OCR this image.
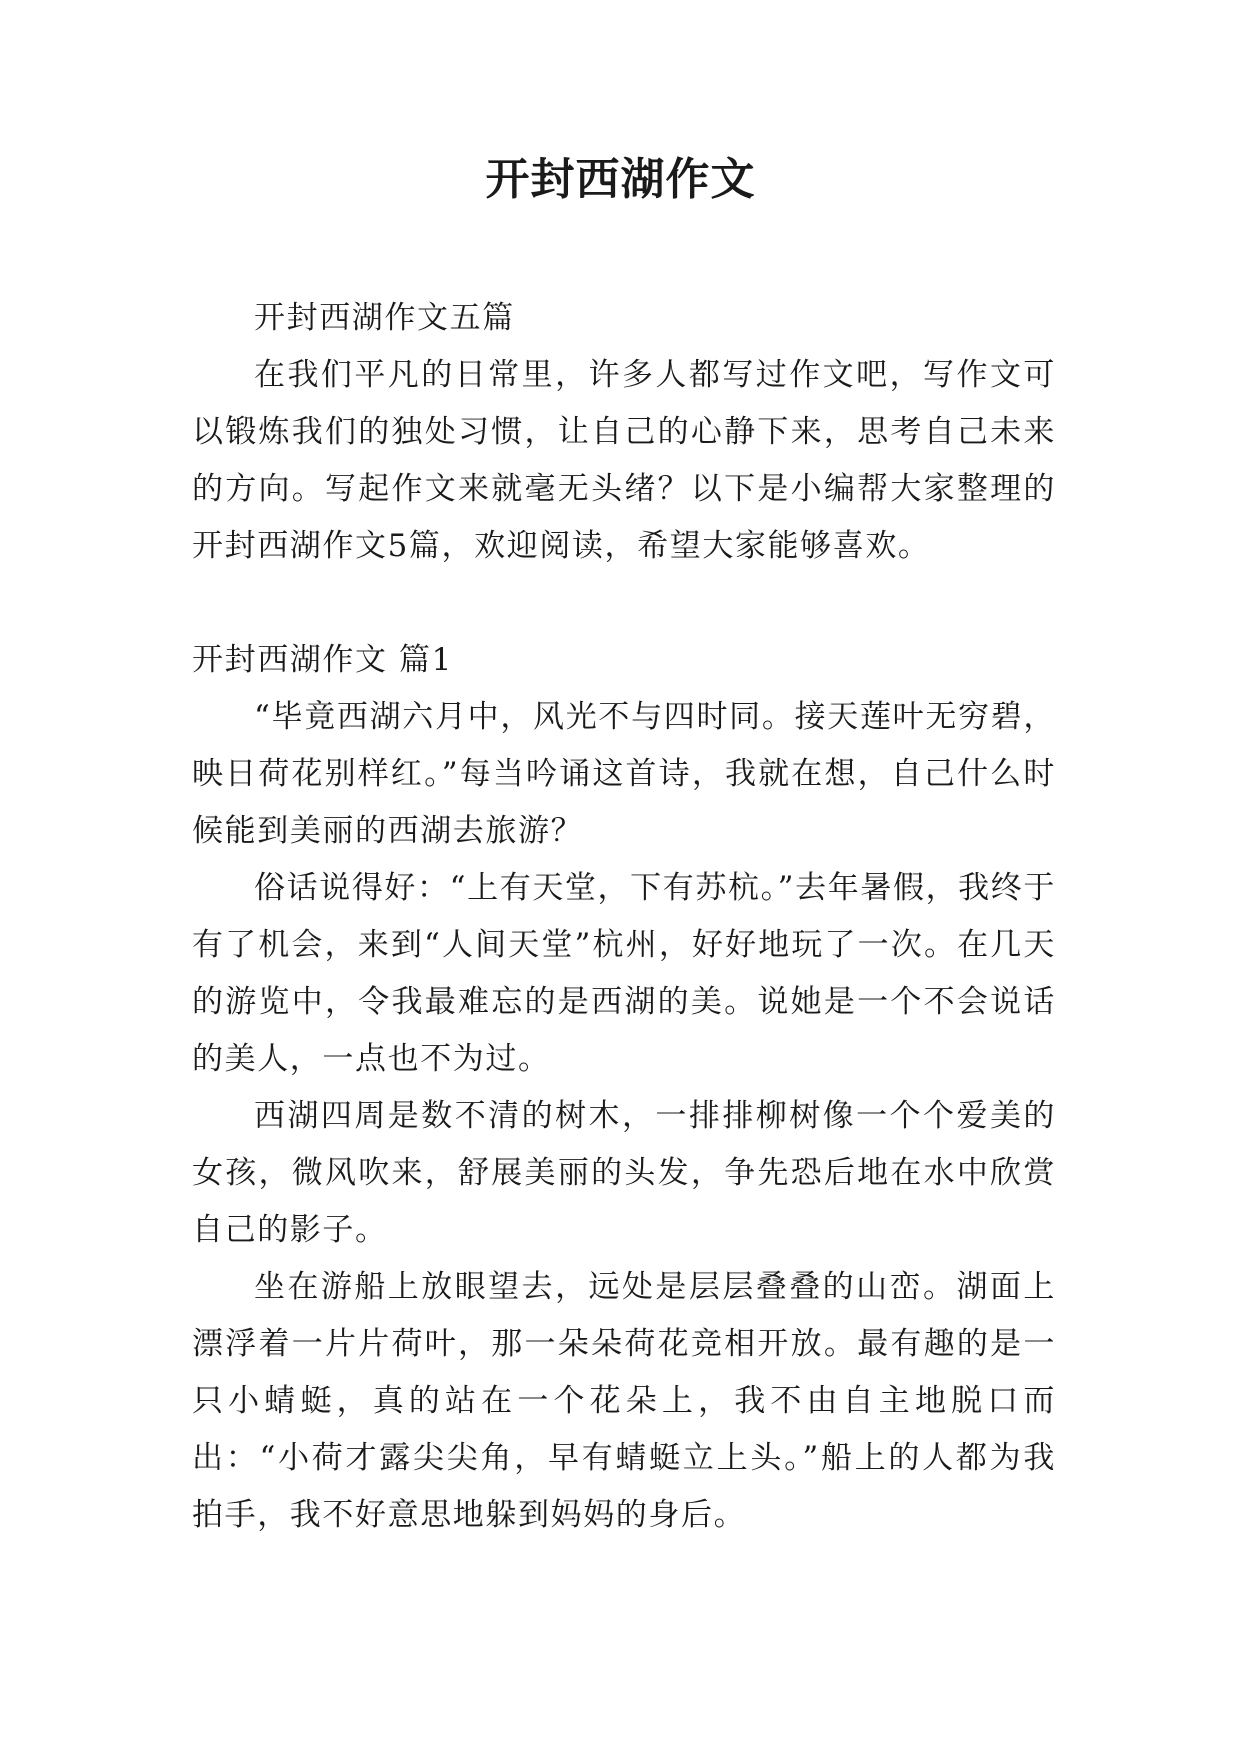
开封西湖作文

开封西湖作文五篇

在我们平凡的日常里，许多人都写过作文吧，写作文可以锻炼我们的独处习惯，让自己的心静下来，思考自己未来的方向。写起作文来就毫无头绪？以下是小编帮大家整理的开封西湖作文5篇，欢迎阅读，希望大家能够喜欢。

开封西湖作文 篇1

“毕竟西湖六月中，风光不与四时同。接天莲叶无穷碧，映日荷花别样红。”每当吟诵这首诗，我就在想，自己什么时候能到美丽的西湖去旅游？

俗话说得好：“上有天堂，下有苏杭。”去年暑假，我终于有了机会，来到“人间天堂”杭州，好好地玩了一次。在几天的游览中，令我最难忘的是西湖的美。说她是一个不会说话的美人，一点也不为过。

西湖四周是数不清的树木，一排排柳树像一个个爱美的女孩，微风吹来，舒展美丽的头发，争先恐后地在水中欣赏自己的影子。

坐在游船上放眼望去，远处是层层叠叠的山峦。湖面上漂浮着一片片荷叶，那一朵朵荷花竞相开放。最有趣的是一只小蜻蜓，真的站在一个花朵上，我不由自主地脱口而出：“小荷才露尖尖角，早有蜻蜓立上头。”船上的人都为我拍手，我不好意思地躲到妈妈的身后。
